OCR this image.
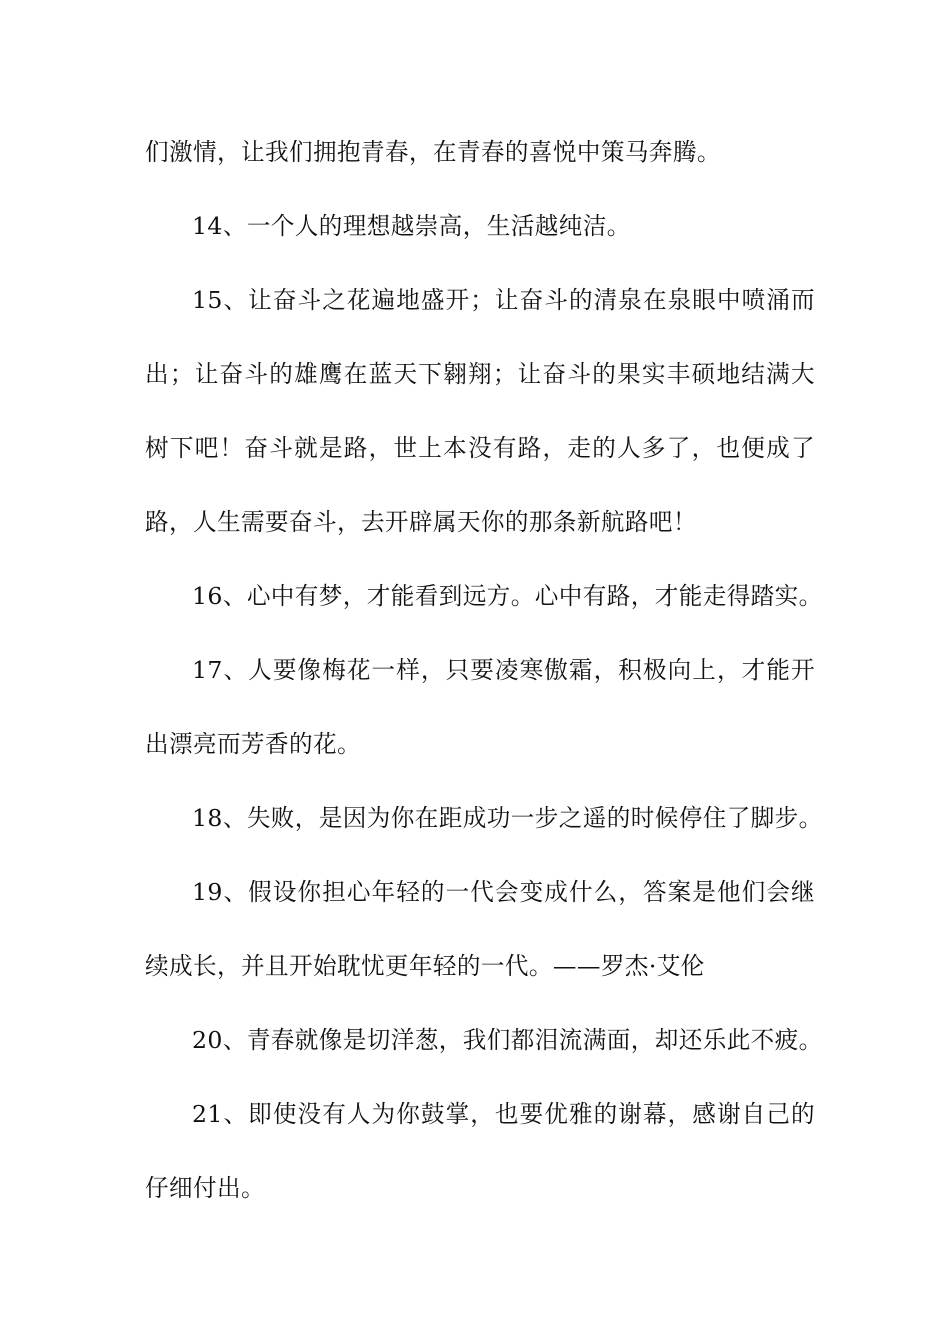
们激情，让我们拥抱青春，在青春的喜悦中策马奔腾。
14、一个人的理想越崇高，生活越纯洁。
15、让奋斗之花遍地盛开；让奋斗的清泉在泉眼中喷涌而
出；让奋斗的雄鹰在蓝天下翱翔；让奋斗的果实丰硕地结满大
树下吧！奋斗就是路，世上本没有路，走的人多了，也便成了
路，人生需要奋斗，去开辟属天你的那条新航路吧！
16、心中有梦，才能看到远方。心中有路，才能走得踏实。
17、人要像梅花一样，只要凌寒傲霜，积极向上，才能开
出漂亮而芳香的花。
18、失败，是因为你在距成功一步之遥的时候停住了脚步。
19、假设你担心年轻的一代会变成什么，答案是他们会继
续成长，并且开始耽忧更年轻的一代。——罗杰·艾伦
20、青春就像是切洋葱，我们都泪流满面，却还乐此不疲。
21、即使没有人为你鼓掌，也要优雅的谢幕，感谢自己的
仔细付出。
